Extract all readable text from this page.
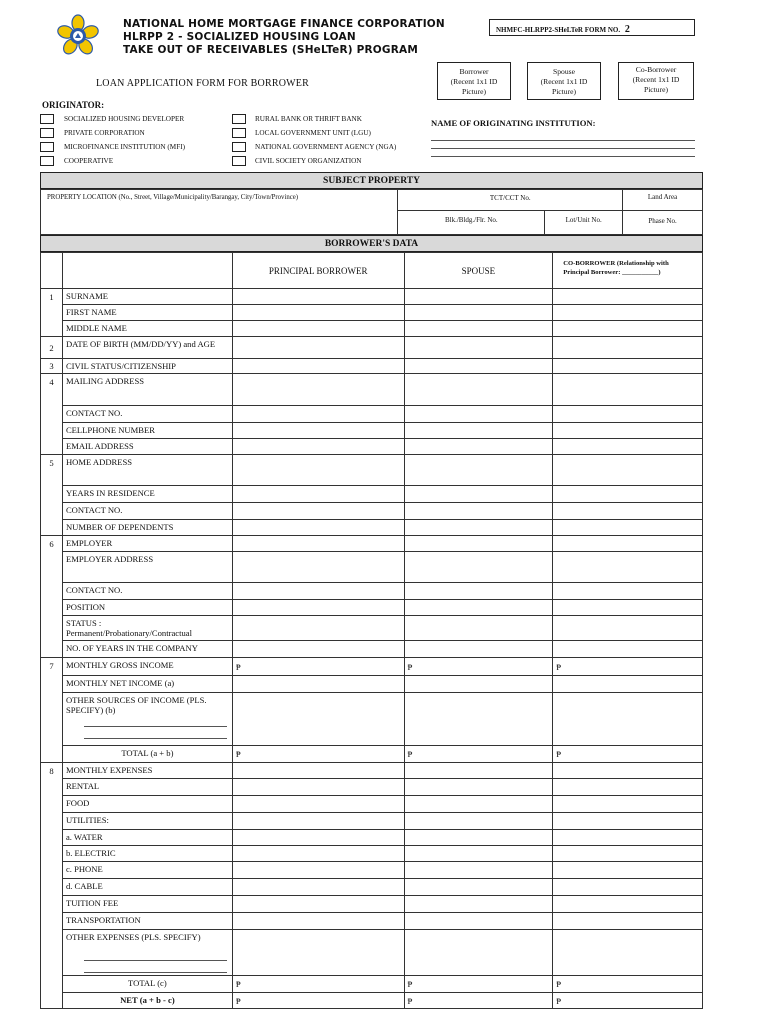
NATIONAL HOME MORTGAGE FINANCE CORPORATION
HLRPP 2 - SOCIALIZED HOUSING LOAN
TAKE OUT OF RECEIVABLES (SHeLTeR) PROGRAM
NHMFC-HLRPP2-SHeLTeR FORM NO. 2
Borrower
(Recent 1x1 ID
Picture)
Spouse
(Recent 1x1 ID
Picture)
Co-Borrower
(Recent 1x1 ID
Picture)
LOAN APPLICATION FORM FOR BORROWER
ORIGINATOR:
SOCIALIZED HOUSING DEVELOPER
PRIVATE CORPORATION
MICROFINANCE INSTITUTION (MFI)
COOPERATIVE
RURAL BANK OR THRIFT BANK
LOCAL GOVERNMENT UNIT (LGU)
NATIONAL GOVERNMENT AGENCY (NGA)
CIVIL SOCIETY ORGANIZATION
NAME OF ORIGINATING INSTITUTION:
SUBJECT PROPERTY
PROPERTY LOCATION (No., Street, Village/Municipality/Barangay, City/Town/Province)	TCT/CCT No.		Land Area
	Blk./Bldg./Flr. No.	Lot/Unit No.	Phase No.
BORROWER'S DATA
		PRINCIPAL BORROWER	SPOUSE	CO-BORROWER (Relationship with Principal Borrower: ___________)
1	SURNAME			
	FIRST NAME			
	MIDDLE NAME			
2	DATE OF BIRTH (MM/DD/YY) and AGE			
3	CIVIL STATUS/CITIZENSHIP			
4	MAILING ADDRESS			
	CONTACT NO.			
	CELLPHONE NUMBER			
	EMAIL ADDRESS			
5	HOME ADDRESS			
	YEARS IN RESIDENCE			
	CONTACT NO.			
	NUMBER OF DEPENDENTS			
6	EMPLOYER			
	EMPLOYER ADDRESS			
	CONTACT NO.			
	POSITION			
	STATUS : Permanent/Probationary/Contractual			
	NO. OF YEARS IN THE COMPANY			
7	MONTHLY GROSS INCOME	₱	₱	₱
	MONTHLY NET INCOME (a)			
	OTHER SOURCES OF INCOME (PLS. SPECIFY) (b)

	TOTAL (a + b)	₱	₱	₱
8	MONTHLY EXPENSES			
	RENTAL			
	FOOD			
	UTILITIES:			
	a. WATER			
	b. ELECTRIC			
	c. PHONE			
	d. CABLE			
	TUITION FEE			
	TRANSPORTATION			
	OTHER EXPENSES (PLS. SPECIFY)

	TOTAL (c)	₱	₱	₱
	NET (a + b - c)	₱	₱	₱
